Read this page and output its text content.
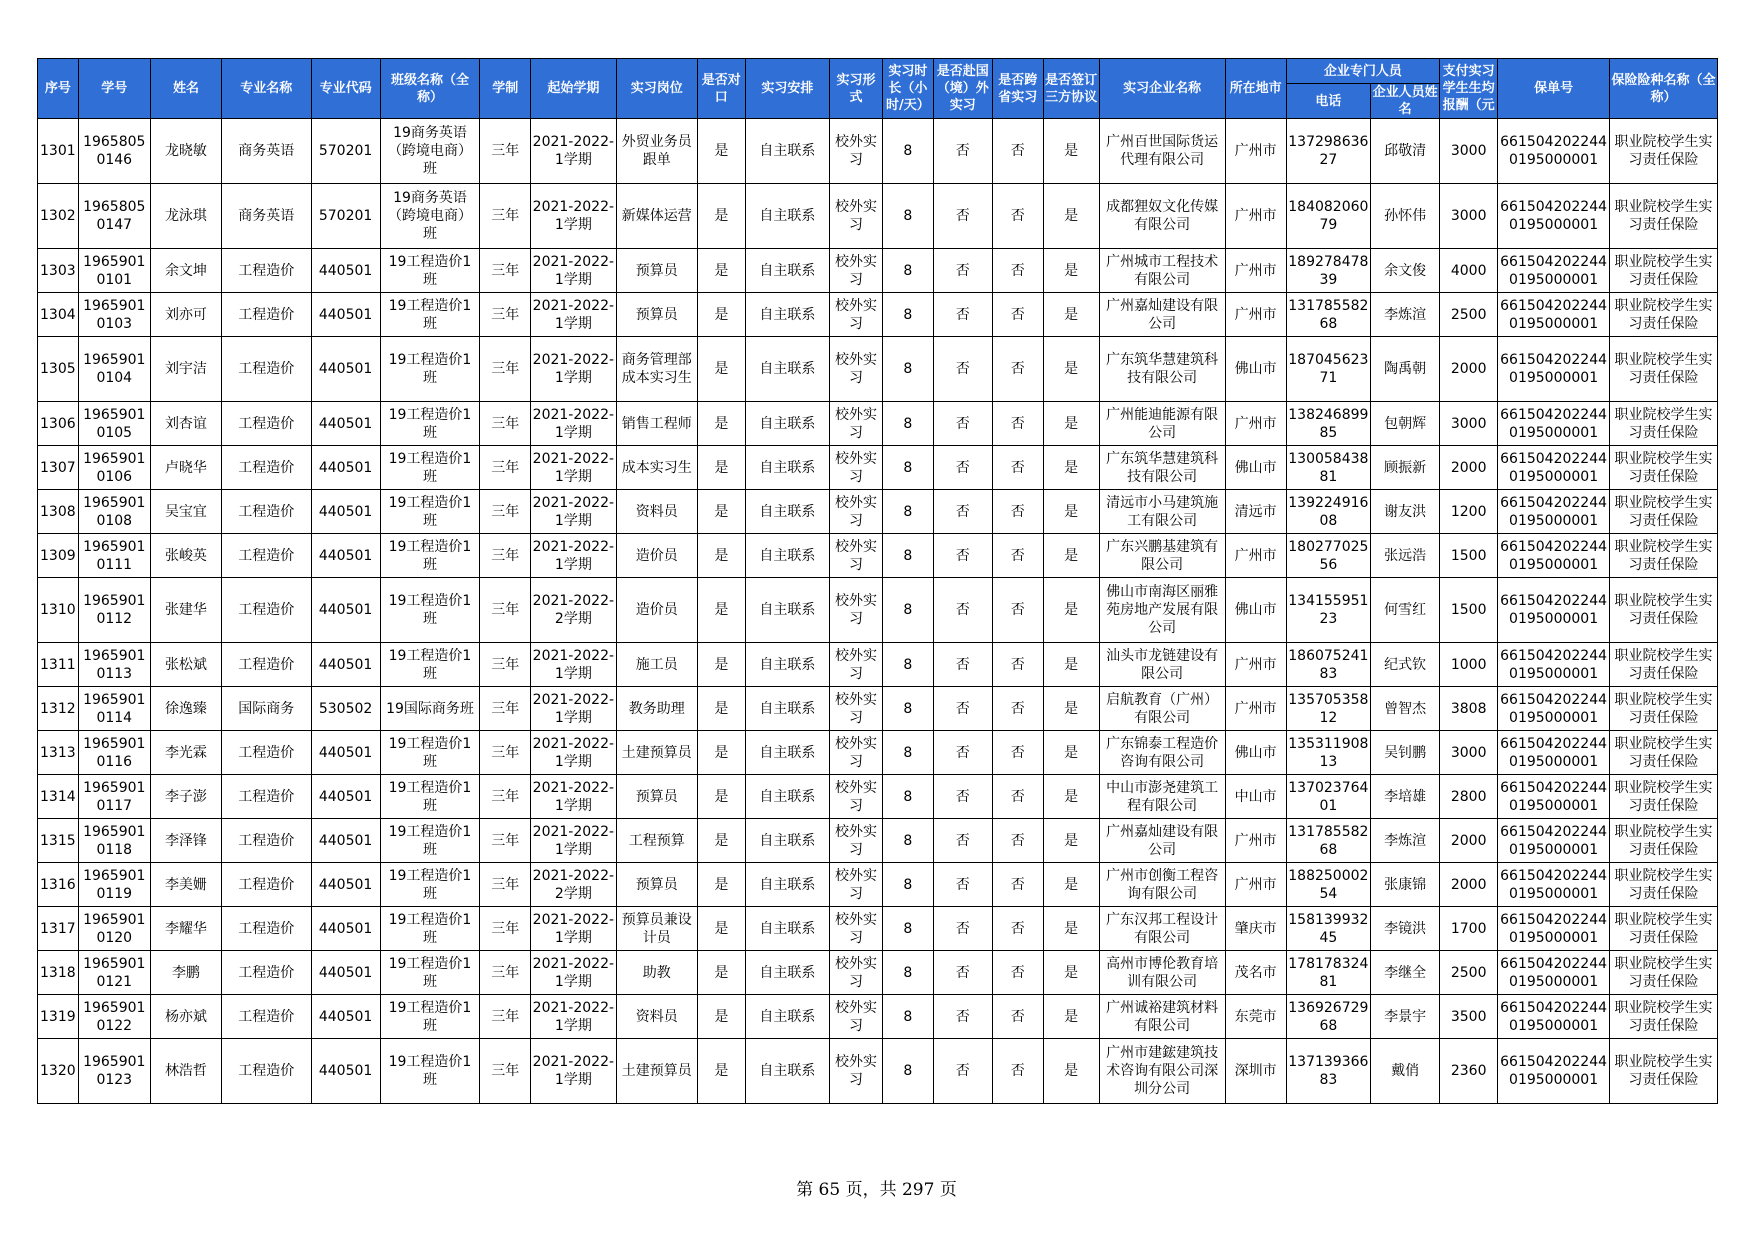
序号	学号	姓名	专业名称	专业代码	班级名称（全称）	学制	起始学期	实习岗位	是否对口	实习安排	实习形式	实习时长（小时/天）	是否赴国（境）外实习	是否跨省实习	是否签订三方协议	实习企业名称	所在地市	企业专门人员		支付实习学生生均报酬（元	保单号	保险险种名称（全称）
																		电话	企业人员姓名			

1301	19658050146	龙晓敏	商务英语	570201	19商务英语（跨境电商）班	三年	2021-2022-1学期	外贸业务员跟单	是	自主联系	校外实习	8	否	否	是	广州百世国际货运代理有限公司	广州市	13729863627	邱敬清	3000	6615042022440195000001	职业院校学生实习责任保险

1302	19658050147	龙泳琪	商务英语	570201	19商务英语（跨境电商）班	三年	2021-2022-1学期	新媒体运营	是	自主联系	校外实习	8	否	否	是	成都狸奴文化传媒有限公司	广州市	18408206079	孙怀伟	3000	6615042022440195000001	职业院校学生实习责任保险

1303	19659010101	余文坤	工程造价	440501	19工程造价1班	三年	2021-2022-1学期	预算员	是	自主联系	校外实习	8	否	否	是	广州城市工程技术有限公司	广州市	18927847839	余文俊	4000	6615042022440195000001	职业院校学生实习责任保险

1304	19659010103	刘亦可	工程造价	440501	19工程造价1班	三年	2021-2022-1学期	预算员	是	自主联系	校外实习	8	否	否	是	广州嘉灿建设有限公司	广州市	13178558268	李炼渲	2500	6615042022440195000001	职业院校学生实习责任保险

1305	19659010104	刘宇洁	工程造价	440501	19工程造价1班	三年	2021-2022-1学期	商务管理部成本实习生	是	自主联系	校外实习	8	否	否	是	广东筑华慧建筑科技有限公司	佛山市	18704562371	陶禹朝	2000	6615042022440195000001	职业院校学生实习责任保险

1306	19659010105	刘杏谊	工程造价	440501	19工程造价1班	三年	2021-2022-1学期	销售工程师	是	自主联系	校外实习	8	否	否	是	广州能迪能源有限公司	广州市	13824689985	包朝辉	3000	6615042022440195000001	职业院校学生实习责任保险

1307	19659010106	卢晓华	工程造价	440501	19工程造价1班	三年	2021-2022-1学期	成本实习生	是	自主联系	校外实习	8	否	否	是	广东筑华慧建筑科技有限公司	佛山市	13005843881	顾振新	2000	6615042022440195000001	职业院校学生实习责任保险

1308	19659010108	吴宝宜	工程造价	440501	19工程造价1班	三年	2021-2022-1学期	资料员	是	自主联系	校外实习	8	否	否	是	清远市小马建筑施工有限公司	清远市	13922491608	谢友洪	1200	6615042022440195000001	职业院校学生实习责任保险

1309	19659010111	张峻英	工程造价	440501	19工程造价1班	三年	2021-2022-1学期	造价员	是	自主联系	校外实习	8	否	否	是	广东兴鹏基建筑有限公司	广州市	18027702556	张远浩	1500	6615042022440195000001	职业院校学生实习责任保险

1310	19659010112	张建华	工程造价	440501	19工程造价1班	三年	2021-2022-2学期	造价员	是	自主联系	校外实习	8	否	否	是	佛山市南海区丽雅苑房地产发展有限公司	佛山市	13415595123	何雪红	1500	6615042022440195000001	职业院校学生实习责任保险

1311	19659010113	张松斌	工程造价	440501	19工程造价1班	三年	2021-2022-1学期	施工员	是	自主联系	校外实习	8	否	否	是	汕头市龙链建设有限公司	广州市	18607524183	纪式钦	1000	6615042022440195000001	职业院校学生实习责任保险

1312	19659010114	徐逸臻	国际商务	530502	19国际商务班	三年	2021-2022-1学期	教务助理	是	自主联系	校外实习	8	否	否	是	启航教育（广州）有限公司	广州市	13570535812	曾智杰	3808	6615042022440195000001	职业院校学生实习责任保险

1313	19659010116	李光霖	工程造价	440501	19工程造价1班	三年	2021-2022-1学期	土建预算员	是	自主联系	校外实习	8	否	否	是	广东锦泰工程造价咨询有限公司	佛山市	13531190813	吴钊鹏	3000	6615042022440195000001	职业院校学生实习责任保险

1314	19659010117	李子澎	工程造价	440501	19工程造价1班	三年	2021-2022-1学期	预算员	是	自主联系	校外实习	8	否	否	是	中山市澎尧建筑工程有限公司	中山市	13702376401	李培雄	2800	6615042022440195000001	职业院校学生实习责任保险

1315	19659010118	李泽锋	工程造价	440501	19工程造价1班	三年	2021-2022-1学期	工程预算	是	自主联系	校外实习	8	否	否	是	广州嘉灿建设有限公司	广州市	13178558268	李炼渲	2000	6615042022440195000001	职业院校学生实习责任保险

1316	19659010119	李美姗	工程造价	440501	19工程造价1班	三年	2021-2022-2学期	预算员	是	自主联系	校外实习	8	否	否	是	广州市创衡工程咨询有限公司	广州市	18825000254	张康锦	2000	6615042022440195000001	职业院校学生实习责任保险

1317	19659010120	李耀华	工程造价	440501	19工程造价1班	三年	2021-2022-1学期	预算员兼设计员	是	自主联系	校外实习	8	否	否	是	广东汉邦工程设计有限公司	肇庆市	15813993245	李镜洪	1700	6615042022440195000001	职业院校学生实习责任保险

1318	19659010121	李鹏	工程造价	440501	19工程造价1班	三年	2021-2022-1学期	助教	是	自主联系	校外实习	8	否	否	是	高州市博伦教育培训有限公司	茂名市	17817832481	李继全	2500	6615042022440195000001	职业院校学生实习责任保险

1319	19659010122	杨亦斌	工程造价	440501	19工程造价1班	三年	2021-2022-1学期	资料员	是	自主联系	校外实习	8	否	否	是	广州诚裕建筑材料有限公司	东莞市	13692672968	李景宇	3500	6615042022440195000001	职业院校学生实习责任保险

1320	19659010123	林浩哲	工程造价	440501	19工程造价1班	三年	2021-2022-1学期	土建预算员	是	自主联系	校外实习	8	否	否	是	广州市建鋐建筑技术咨询有限公司深圳分公司	深圳市	13713936683	戴俏	2360	6615042022440195000001	职业院校学生实习责任保险
第 65 页，共 297 页
